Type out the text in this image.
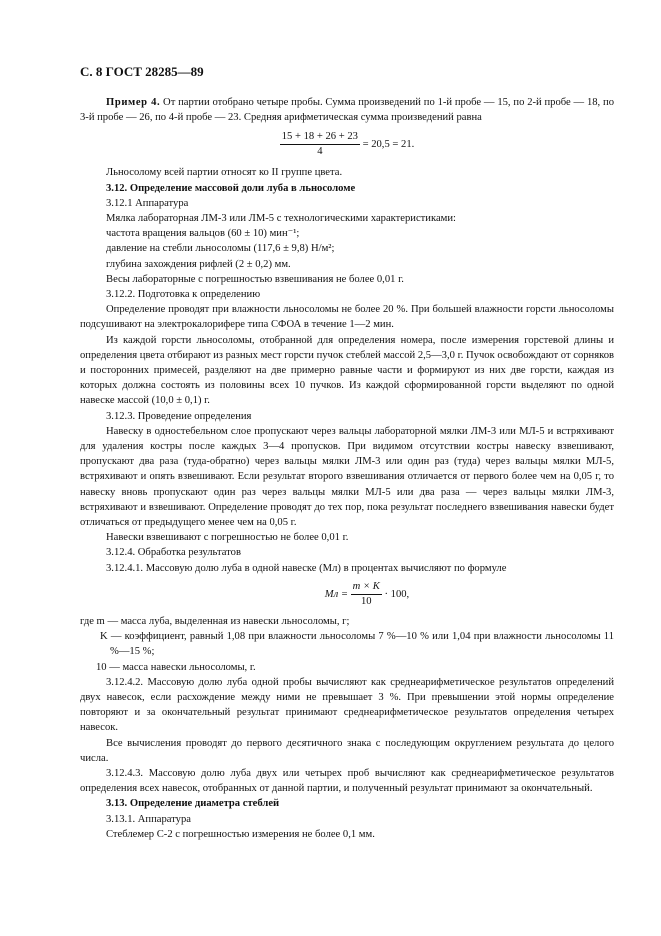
С. 8 ГОСТ 28285—89

Пример 4. От партии отобрано четыре пробы. Сумма произведений по 1-й пробе — 15, по 2-й пробе — 18, по 3-й пробе — 26, по 4-й пробе — 23. Средняя арифметическая сумма произведений равна

$\frac{15 + 18 + 26 + 23}{4} = 20,5 = 21$.

Льносолому всей партии относят ко II группе цвета.

3.12. Определение массовой доли луба в льносоломе

3.12.1 Аппаратура

Мялка лабораторная ЛМ-3 или ЛМ-5 с технологическими характеристиками:

частота вращения вальцов (60 ± 10) мин⁻¹;

давление на стебли льносоломы (117,6 ± 9,8) Н/м²;

глубина захождения рифлей (2 ± 0,2) мм.

Весы лабораторные с погрешностью взвешивания не более 0,01 г.

3.12.2. Подготовка к определению

Определение проводят при влажности льносоломы не более 20 %. При большей влажности горсти льносоломы подсушивают на электрокалорифере типа СФОА в течение 1—2 мин.

Из каждой горсти льносоломы, отобранной для определения номера, после измерения горстевой длины и определения цвета отбирают из разных мест горсти пучок стеблей массой 2,5—3,0 г. Пучок освобождают от сорняков и посторонних примесей, разделяют на две примерно равные части и формируют из них две горсти, каждая из которых должна состоять из половины всех 10 пучков. Из каждой сформированной горсти выделяют по одной навеске массой (10,0 ± 0,1) г.

3.12.3. Проведение определения

Навеску в одностебельном слое пропускают через вальцы лабораторной мялки ЛМ-3 или МЛ-5 и встряхивают для удаления костры после каждых 3—4 пропусков. При видимом отсутствии костры навеску взвешивают, пропускают два раза (туда-обратно) через вальцы мялки ЛМ-3 или один раз (туда) через вальцы мялки МЛ-5, встряхивают и опять взвешивают. Если результат второго взвешивания отличается от первого более чем на 0,05 г, то навеску вновь пропускают один раз через вальцы мялки МЛ-5 или два раза — через вальцы мялки ЛМ-3, встряхивают и взвешивают. Определение проводят до тех пор, пока результат последнего взвешивания навески будет отличаться от предыдущего менее чем на 0,05 г.

Навески взвешивают с погрешностью не более 0,01 г.

3.12.4. Обработка результатов

3.12.4.1. Массовую долю луба в одной навеске (Mл) в процентах вычисляют по формуле

Mл = $\frac{m \times K}{10} \cdot 100$,

где m — масса луба, выделенная из навески льносоломы, г;

K — коэффициент, равный 1,08 при влажности льносоломы 7 %—10 % или 1,04 при влажности льносоломы 11 %—15 %;

10 — масса навески льносоломы, г.

3.12.4.2. Массовую долю луба одной пробы вычисляют как среднеарифметическое результатов определений двух навесок, если расхождение между ними не превышает 3 %. При превышении этой нормы определение повторяют и за окончательный результат принимают среднеарифметическое результатов определения четырех навесок.

Все вычисления проводят до первого десятичного знака с последующим округлением результата до целого числа.

3.12.4.3. Массовую долю луба двух или четырех проб вычисляют как среднеарифметическое результатов определения всех навесок, отобранных от данной партии, и полученный результат принимают за окончательный.

3.13. Определение диаметра стеблей

3.13.1. Аппаратура

Стеблемер С-2 с погрешностью измерения не более 0,1 мм.
